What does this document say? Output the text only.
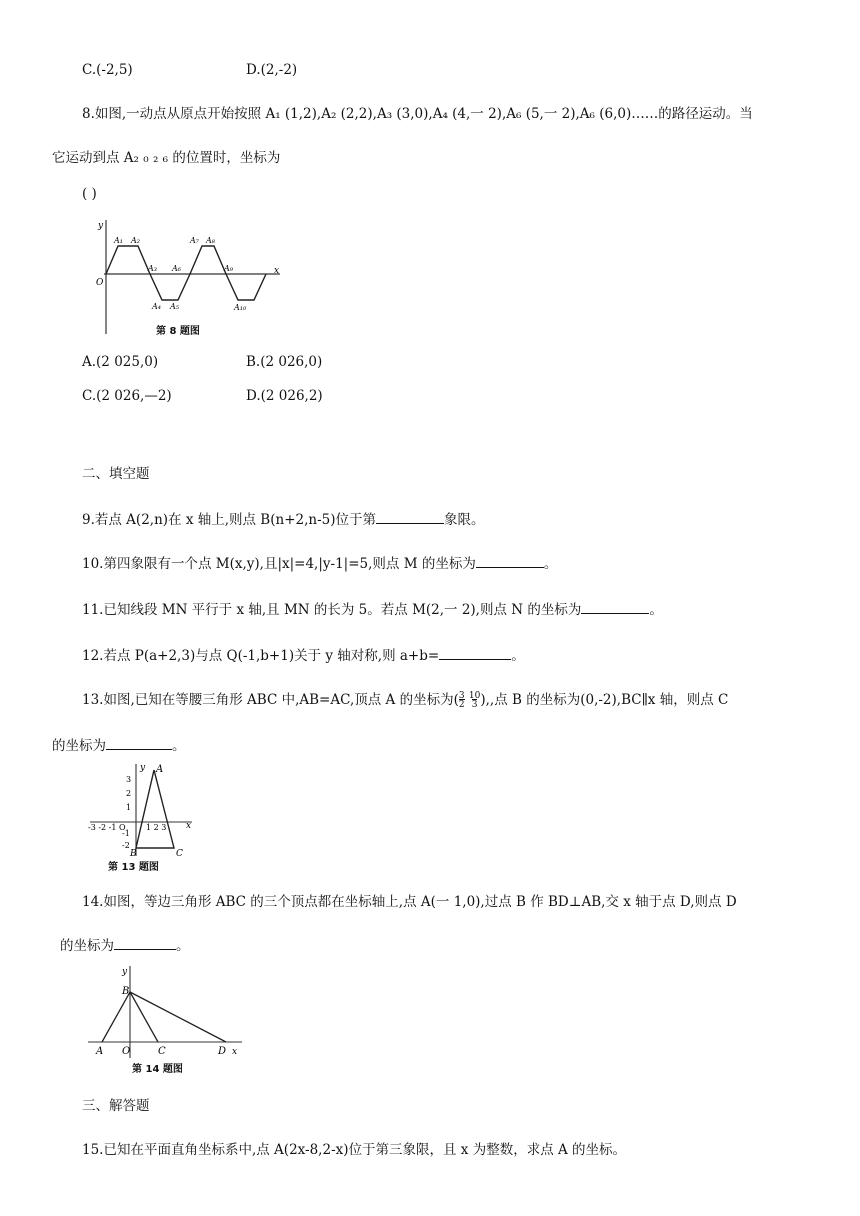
C.(-2,5)	D.(2,-2)
8.如图,一动点从原点开始按照 A₁ (1,2),A₂ (2,2),A₃ (3,0),A₄ (4,一 2),A₆ (5,一 2),A₆ (6,0)……的路径运动。当
它运动到点 A₂ ₀ ₂ ₆ 的位置时，坐标为
( )
y
x
O
A₁ A₂
A₃
A₄ A₅
A₆
A₇ A₈
A₉
A₁₀
第 8 题图
A.(2 025,0)	B.(2 026,0)
C.(2 026,—2)	D.(2 026,2)
二、填空题
9.若点 A(2,n)在 x 轴上,则点 B(n+2,n-5)位于第	象限。
10.第四象限有一个点 M(x,y),且|x|=4,|y-1|=5,则点 M 的坐标为	。
11.已知线段 MN 平行于 x 轴,且 MN 的长为 5。若点 M(2,一 2),则点 N 的坐标为	。
12.若点 P(a+2,3)与点 Q(-1,b+1)关于 y 轴对称,则 a+b=	。
13.如图,已知在等腰三角形 ABC 中,AB=AC,顶点 A 的坐标为$(\frac{3}{2} \frac{10}{3})$,,点 B 的坐标为(0,-2),BC∥x 轴，则点 C
的坐标为	。
y
x
A
B	C
-3 -2 -1 O	1 2 3
3
2
1
-1
-2
第 13 题图
14.如图，等边三角形 ABC 的三个顶点都在坐标轴上,点 A(一 1,0),过点 B 作 BD⊥AB,交 x 轴于点 D,则点 D
的坐标为	。
y
x
B
A O	C	D
第 14 题图
三、解答题
15.已知在平面直角坐标系中,点 A(2x-8,2-x)位于第三象限，且 x 为整数，求点 A 的坐标。
